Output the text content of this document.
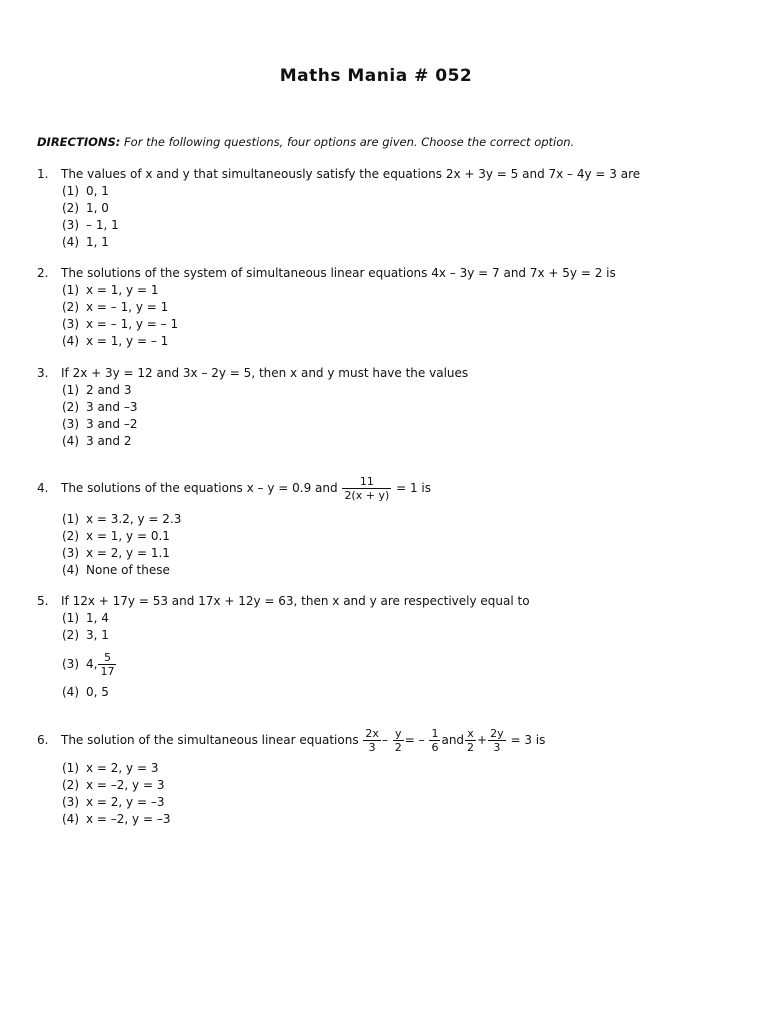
Maths Mania # 052
DIRECTIONS: For the following questions, four options are given. Choose the correct option.
1. The values of x and y that simultaneously satisfy the equations 2x + 3y = 5 and 7x – 4y = 3 are
(1) 0, 1
(2) 1, 0
(3) – 1, 1
(4) 1, 1
2. The solutions of the system of simultaneous linear equations 4x – 3y = 7 and 7x + 5y = 2 is
(1) x = 1, y = 1
(2) x = – 1, y = 1
(3) x = – 1, y = – 1
(4) x = 1, y = – 1
3. If 2x + 3y = 12 and 3x – 2y = 5, then x and y must have the values
(1) 2 and 3
(2) 3 and –3
(3) 3 and –2
(4) 3 and 2
4. The solutions of the equations x – y = 0.9 and $\frac{11}{2(x + y)} = 1$ is
(1) x = 3.2, y = 2.3
(2) x = 1, y = 0.1
(3) x = 2, y = 1.1
(4) None of these
5. If 12x + 17y = 53 and 17x + 12y = 63, then x and y are respectively equal to
(1) 1, 4
(2) 3, 1
(3) 4, $\frac{5}{17}$
(4) 0, 5
6. The solution of the simultaneous linear equations $\frac{2x}{3} - \frac{y}{2}$ = – $\frac{1}{6}$ and $\frac{x}{2} + \frac{2y}{3} = 3$ is
(1) x = 2, y = 3
(2) x = –2, y = 3
(3) x = 2, y = –3
(4) x = –2, y = –3
